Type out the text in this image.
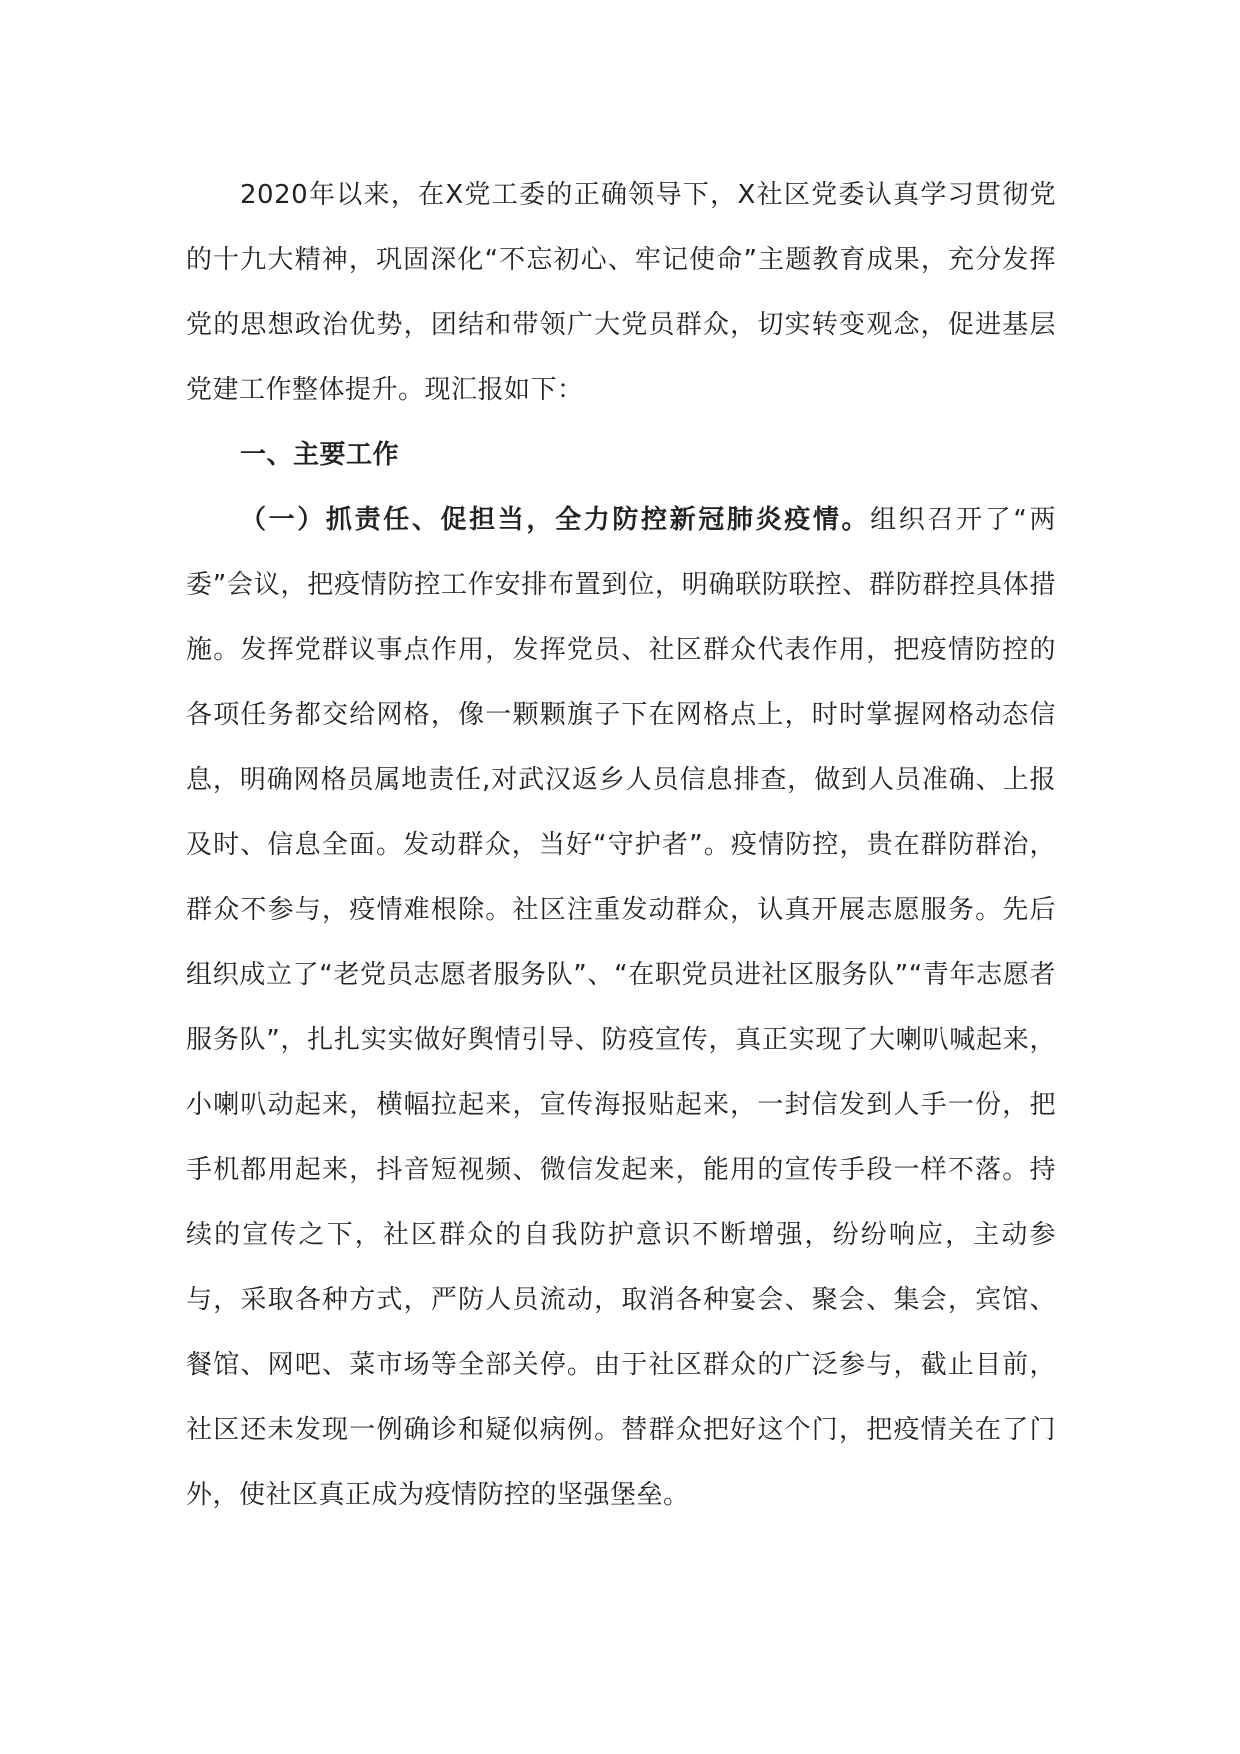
2020年以来，在X党工委的正确领导下，X社区党委认真学习贯彻党的十九大精神，巩固深化“不忘初心、牢记使命”主题教育成果，充分发挥党的思想政治优势，团结和带领广大党员群众，切实转变观念，促进基层党建工作整体提升。现汇报如下：

一、主要工作

（一）抓责任、促担当，全力防控新冠肺炎疫情。组织召开了“两委”会议，把疫情防控工作安排布置到位，明确联防联控、群防群控具体措施。发挥党群议事点作用，发挥党员、社区群众代表作用，把疫情防控的各项任务都交给网格，像一颗颗旗子下在网格点上，时时掌握网格动态信息，明确网格员属地责任,对武汉返乡人员信息排查，做到人员准确、上报及时、信息全面。发动群众，当好“守护者”。疫情防控，贵在群防群治，群众不参与，疫情难根除。社区注重发动群众，认真开展志愿服务。先后组织成立了“老党员志愿者服务队”、“在职党员进社区服务队”“青年志愿者服务队”，扎扎实实做好舆情引导、防疫宣传，真正实现了大喇叭喊起来，小喇叭动起来，横幅拉起来，宣传海报贴起来，一封信发到人手一份，把手机都用起来，抖音短视频、微信发起来，能用的宣传手段一样不落。持续的宣传之下，社区群众的自我防护意识不断增强，纷纷响应，主动参与，采取各种方式，严防人员流动，取消各种宴会、聚会、集会，宾馆、餐馆、网吧、菜市场等全部关停。由于社区群众的广泛参与，截止目前，社区还未发现一例确诊和疑似病例。替群众把好这个门，把疫情关在了门外，使社区真正成为疫情防控的坚强堡垒。
